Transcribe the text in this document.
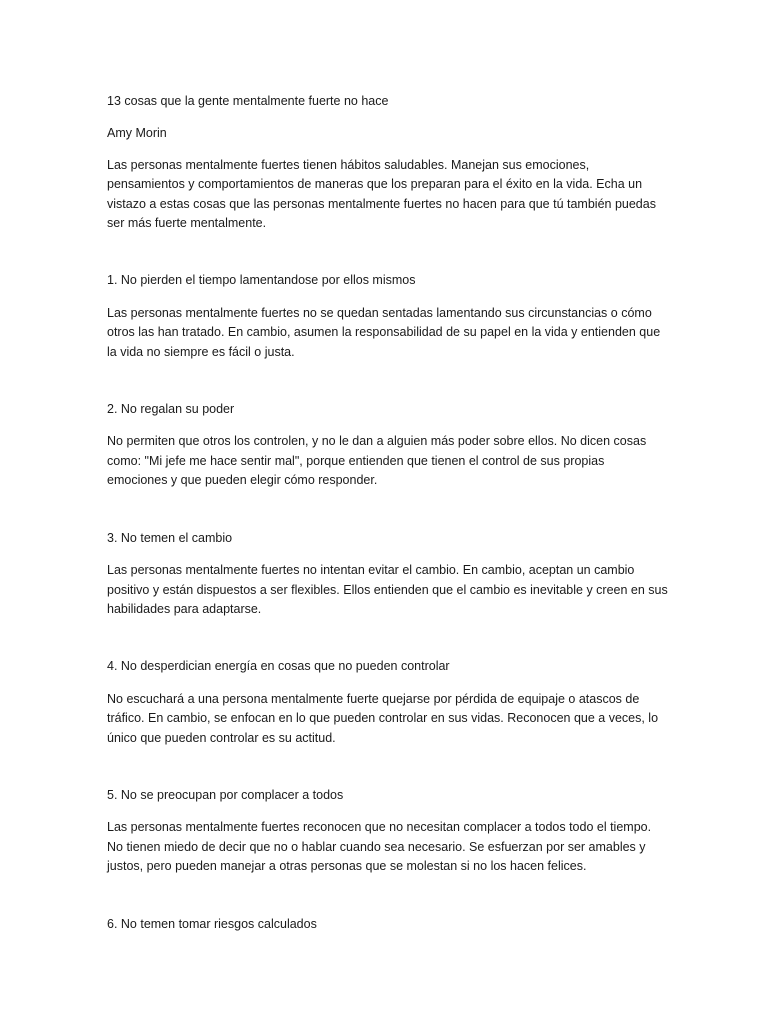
13 cosas que la gente mentalmente fuerte no hace

Amy Morin

Las personas mentalmente fuertes tienen hábitos saludables. Manejan sus emociones, pensamientos y comportamientos de maneras que los preparan para el éxito en la vida. Echa un vistazo a estas cosas que las personas mentalmente fuertes no hacen para que tú también puedas ser más fuerte mentalmente.

1. No pierden el tiempo lamentandose por ellos mismos

Las personas mentalmente fuertes no se quedan sentadas lamentando sus circunstancias o cómo otros las han tratado. En cambio, asumen la responsabilidad de su papel en la vida y entienden que la vida no siempre es fácil o justa.

2. No regalan su poder

No permiten que otros los controlen, y no le dan a alguien más poder sobre ellos. No dicen cosas como: "Mi jefe me hace sentir mal", porque entienden que tienen el control de sus propias emociones y que pueden elegir cómo responder.

3. No temen el cambio

Las personas mentalmente fuertes no intentan evitar el cambio. En cambio, aceptan un cambio positivo y están dispuestos a ser flexibles. Ellos entienden que el cambio es inevitable y creen en sus habilidades para adaptarse.

4. No desperdician energía en cosas que no pueden controlar

No escuchará a una persona mentalmente fuerte quejarse por pérdida de equipaje o atascos de tráfico. En cambio, se enfocan en lo que pueden controlar en sus vidas. Reconocen que a veces, lo único que pueden controlar es su actitud.

5. No se preocupan por complacer a todos

Las personas mentalmente fuertes reconocen que no necesitan complacer a todos todo el tiempo. No tienen miedo de decir que no o hablar cuando sea necesario. Se esfuerzan por ser amables y justos, pero pueden manejar a otras personas que se molestan si no los hacen felices.

6. No temen tomar riesgos calculados
